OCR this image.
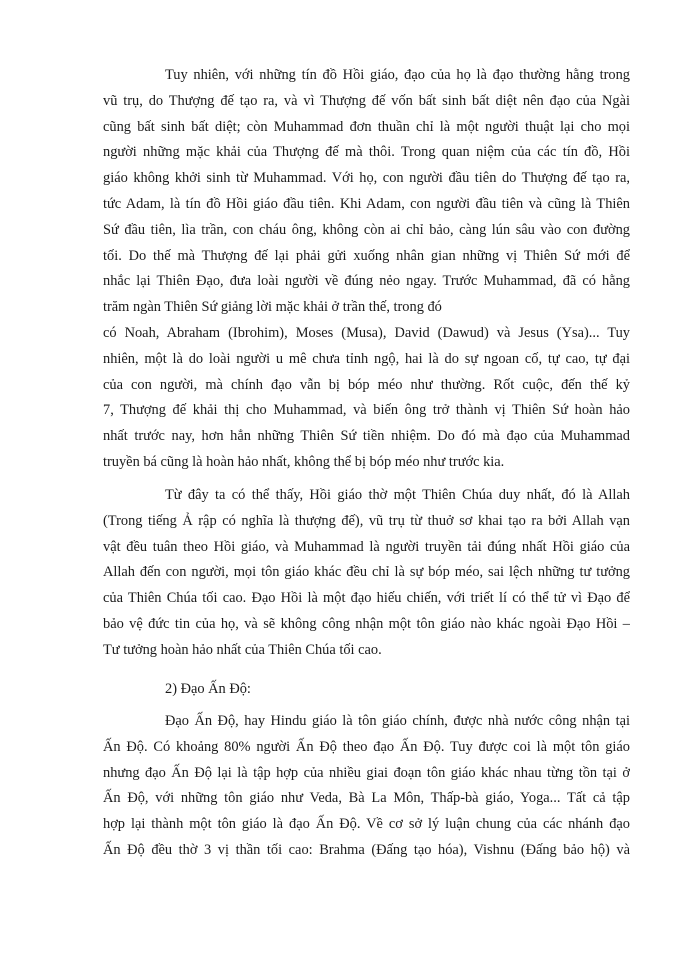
Tuy nhiên, với những tín đồ Hồi giáo, đạo của họ là đạo thường hằng trong
vũ trụ, do Thượng đế tạo ra, và vì Thượng đế vốn bất sinh bất diệt nên đạo của Ngài
cũng bất sinh bất diệt; còn Muhammad đơn thuần chỉ là một người thuật lại cho mọi
người những mặc khải của Thượng đế mà thôi. Trong quan niệm của các tín đồ, Hồi
giáo không khởi sinh từ Muhammad. Với họ, con người đầu tiên do Thượng đế tạo ra,
tức Adam, là tín đồ Hồi giáo đầu tiên. Khi Adam, con người đầu tiên và cũng là Thiên
Sứ đầu tiên, lìa trần, con cháu ông, không còn ai chỉ bảo, càng lún sâu vào con đường
tối. Do thế mà Thượng đế lại phải gửi xuống nhân gian những vị Thiên Sứ mới để
nhắc lại Thiên Đạo, đưa loài người về đúng nẻo ngay. Trước Muhammad, đã có hằng
trăm ngàn Thiên Sứ giảng lời mặc khải ở trần thế, trong đó
có Noah, Abraham (Ibrohim), Moses (Musa), David (Dawud) và Jesus (Ysa)... Tuy
nhiên, một là do loài người u mê chưa tỉnh ngộ, hai là do sự ngoan cố, tự cao, tự đại
của con người, mà chính đạo vẫn bị bóp méo như thường. Rốt cuộc, đến thế kỷ
7, Thượng đế khải thị cho Muhammad, và biến ông trở thành vị Thiên Sứ hoàn hảo
nhất trước nay, hơn hẳn những Thiên Sứ tiền nhiệm. Do đó mà đạo của Muhammad
truyền bá cũng là hoàn hảo nhất, không thể bị bóp méo như trước kia.
Từ đây ta có thể thấy, Hồi giáo thờ một Thiên Chúa duy nhất, đó là Allah
(Trong tiếng Ả rập có nghĩa là thượng đế), vũ trụ từ thuở sơ khai tạo ra bởi Allah vạn
vật đều tuân theo Hồi giáo, và Muhammad là người truyền tải đúng nhất Hồi giáo của
Allah đến con người, mọi tôn giáo khác đều chỉ là sự bóp méo, sai lệch những tư tưởng
của Thiên Chúa tối cao. Đạo Hồi là một đạo hiếu chiến, với triết lí có thể tử vì Đạo để
bảo vệ đức tin của họ, và sẽ không công nhận một tôn giáo nào khác ngoài Đạo Hồi –
Tư tưởng hoàn hảo nhất của Thiên Chúa tối cao.
2) Đạo Ấn Độ:
Đạo Ấn Độ, hay Hindu giáo là tôn giáo chính, được nhà nước công nhận tại
Ấn Độ. Có khoảng 80% người Ấn Độ theo đạo Ấn Độ. Tuy được coi là một tôn giáo
nhưng đạo Ấn Độ lại là tập hợp của nhiều giai đoạn tôn giáo khác nhau từng tồn tại ở
Ấn Độ, với những tôn giáo như Veda, Bà La Môn, Thấp-bà giáo, Yoga... Tất cả tập
hợp lại thành một tôn giáo là đạo Ấn Độ. Về cơ sở lý luận chung của các nhánh đạo
Ấn Độ đều thờ 3 vị thần tối cao: Brahma (Đấng tạo hóa), Vishnu (Đấng bảo hộ) và
